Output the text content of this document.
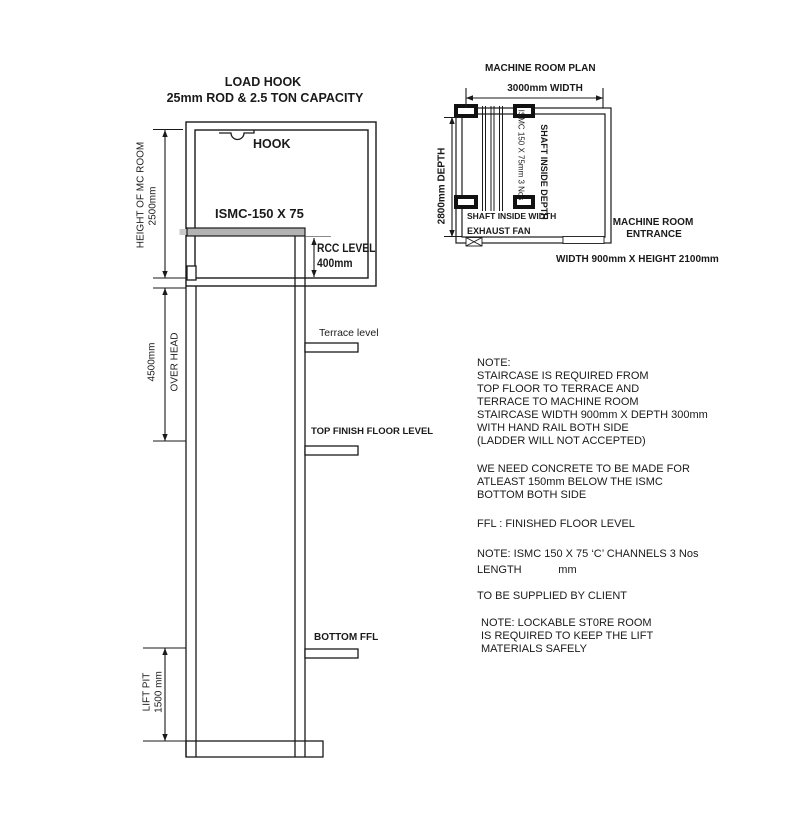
LOAD HOOK
25mm ROD & 2.5 TON CAPACITY
HOOK
ISMC-150 X 75
RCC LEVEL
400mm
HEIGHT OF MC ROOM 2500mm
4500mm OVER HEAD
LIFT PIT 1500 mm
Terrace level
TOP FINISH FLOOR LEVEL
BOTTOM FFL
MACHINE ROOM PLAN
3000mm WIDTH
2800mm DEPTH	ISMC 150 X 75mm 3 Nos SHAFT INSIDE DEPTH
SHAFT INSIDE WIDTH
EXHAUST FAN
MACHINE ROOM
ENTRANCE
WIDTH 900mm X HEIGHT 2100mm
NOTE:
STAIRCASE IS REQUIRED FROM
TOP FLOOR TO TERRACE AND
TERRACE TO MACHINE ROOM
STAIRCASE WIDTH 900mm X DEPTH 300mm
WITH HAND RAIL BOTH SIDE
(LADDER WILL NOT ACCEPTED)
WE NEED CONCRETE TO BE MADE FOR
ATLEAST 150mm BELOW THE ISMC
BOTTOM BOTH SIDE
FFL : FINISHED FLOOR LEVEL
NOTE: ISMC 150 X 75 ‘C’ CHANNELS 3 Nos
LENGTH            mm
TO BE SUPPLIED BY CLIENT
NOTE: LOCKABLE ST0RE ROOM
IS REQUIRED TO KEEP THE LIFT
MATERIALS SAFELY
